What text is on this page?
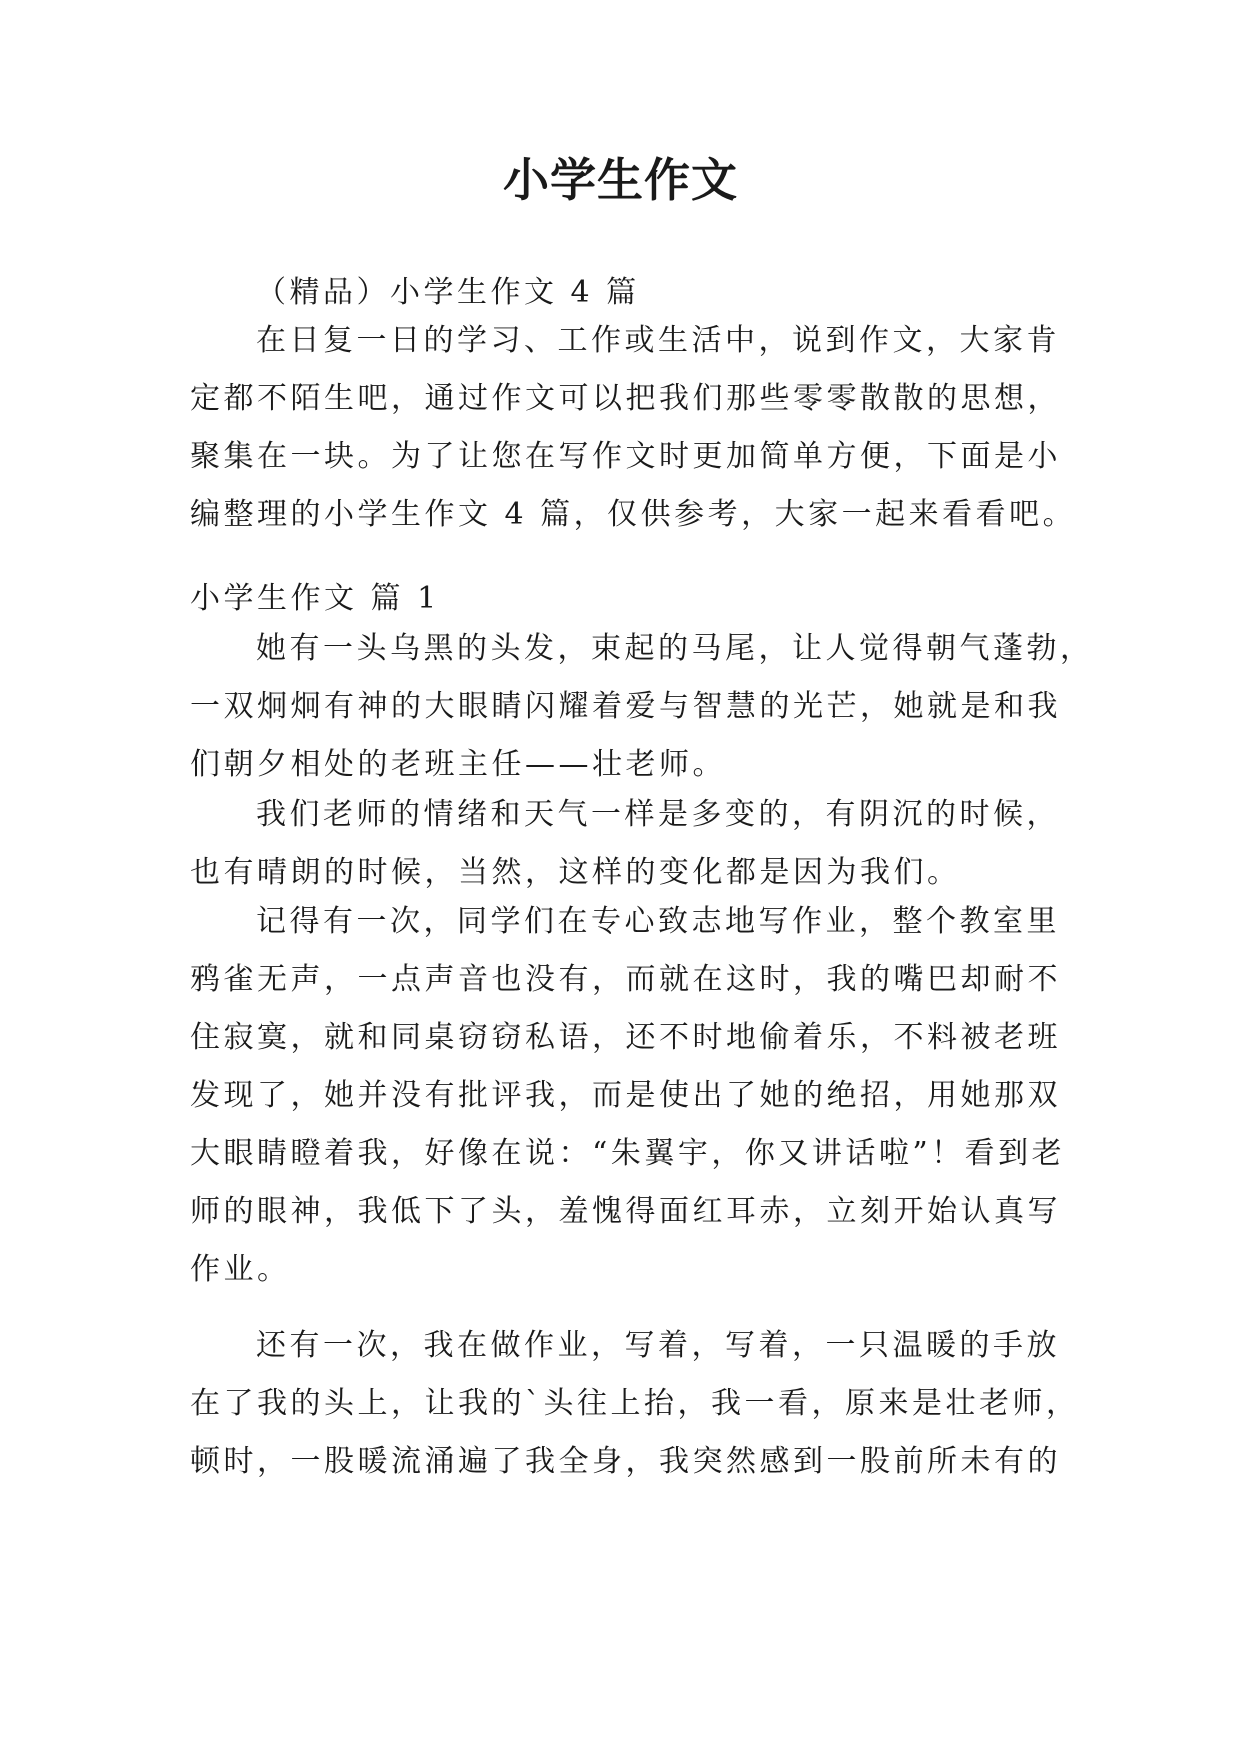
小学生作文

（精品）小学生作文 4 篇

在日复一日的学习、工作或生活中，说到作文，大家肯
定都不陌生吧，通过作文可以把我们那些零零散散的思想，
聚集在一块。为了让您在写作文时更加简单方便，下面是小
编整理的小学生作文 4 篇，仅供参考，大家一起来看看吧。

小学生作文 篇 1

她有一头乌黑的头发，束起的马尾，让人觉得朝气蓬勃，
一双炯炯有神的大眼睛闪耀着爱与智慧的光芒，她就是和我
们朝夕相处的老班主任——壮老师。
我们老师的情绪和天气一样是多变的，有阴沉的时候，
也有晴朗的时候，当然，这样的变化都是因为我们。
记得有一次，同学们在专心致志地写作业，整个教室里
鸦雀无声，一点声音也没有，而就在这时，我的嘴巴却耐不
住寂寞，就和同桌窃窃私语，还不时地偷着乐，不料被老班
发现了，她并没有批评我，而是使出了她的绝招，用她那双
大眼睛瞪着我，好像在说：“朱翼宇，你又讲话啦”！看到老
师的眼神，我低下了头，羞愧得面红耳赤，立刻开始认真写
作业。
还有一次，我在做作业，写着，写着，一只温暖的手放
在了我的头上，让我的`头往上抬，我一看，原来是壮老师，
顿时，一股暖流涌遍了我全身，我突然感到一股前所未有的
